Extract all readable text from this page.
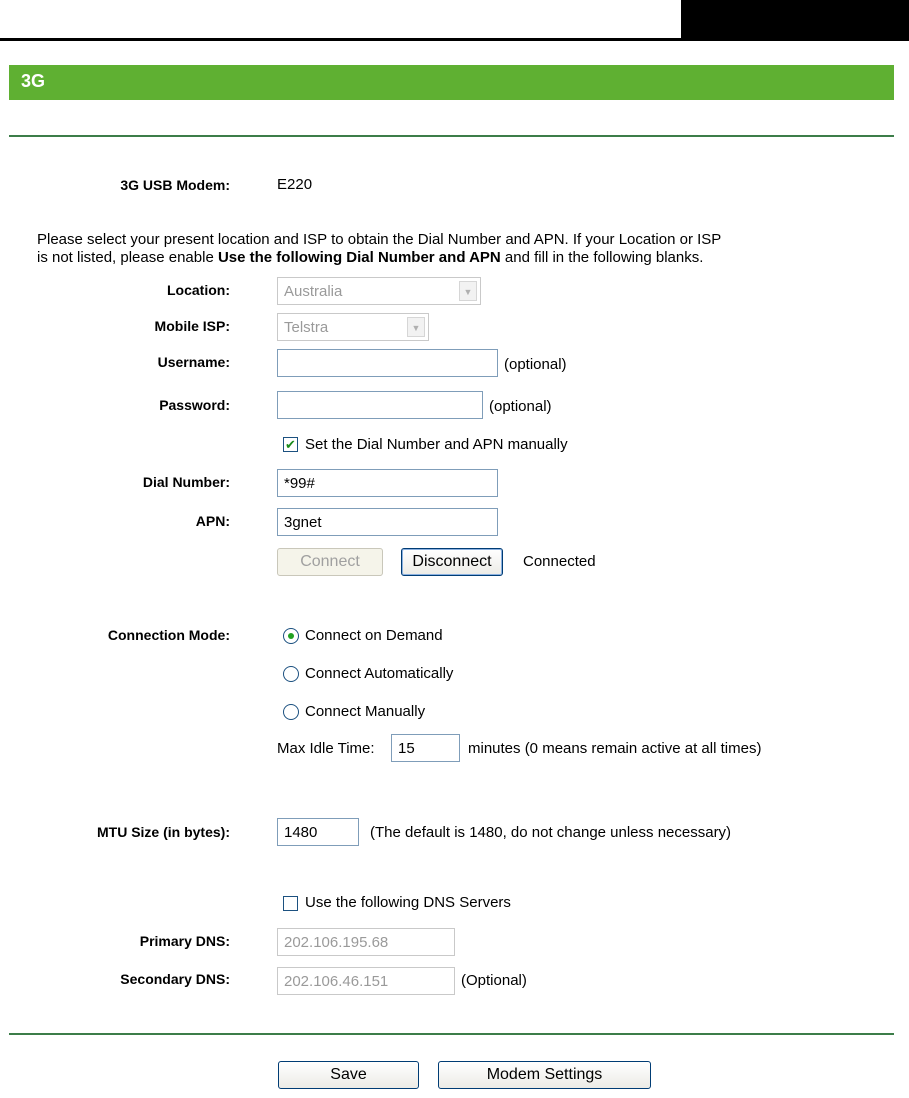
3G
3G USB Modem:	E220
Please select your present location and ISP to obtain the Dial Number and APN. If your Location or ISP
is not listed, please enable Use the following Dial Number and APN and fill in the following blanks.
Location:	Australia	▼
Mobile ISP:	Telstra	▼
Username:	(optional)
Password:	(optional)
✔ Set the Dial Number and APN manually
Dial Number:
*99#
APN:
3gnet
Connect	Disconnect	Connected
Connection Mode:	Connect on Demand
Connect Automatically
Connect Manually
Max Idle Time:
15	minutes (0 means remain active at all times)
MTU Size (in bytes):
1480	(The default is 1480, do not change unless necessary)
Use the following DNS Servers
Primary DNS:
202.106.195.68
Secondary DNS:
202.106.46.151	(Optional)
Save	Modem Settings
